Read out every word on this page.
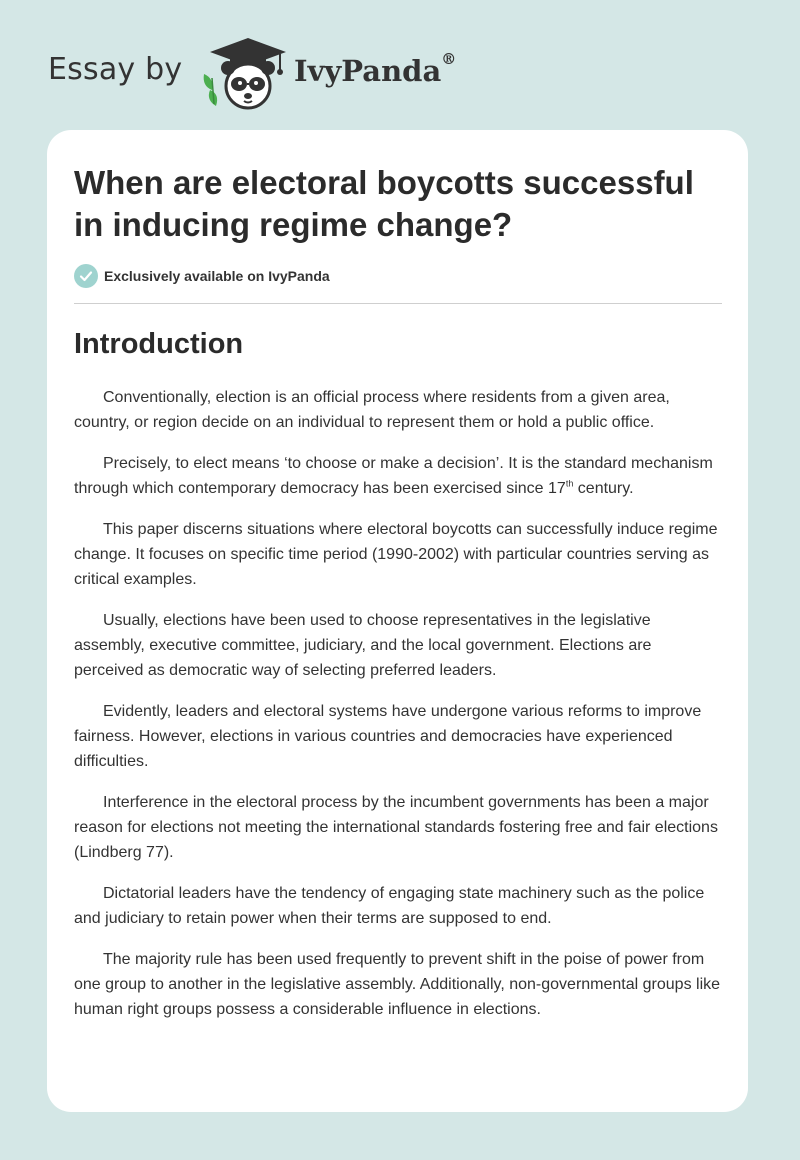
Essay by	IvyPanda®
When are electoral boycotts successful in inducing regime change?
Exclusively available on IvyPanda
Introduction

Conventionally, election is an official process where residents from a given area, country, or region decide on an individual to represent them or hold a public office.

Precisely, to elect means ‘to choose or make a decision’. It is the standard mechanism through which contemporary democracy has been exercised since 17th century.

This paper discerns situations where electoral boycotts can successfully induce regime change. It focuses on specific time period (1990-2002) with particular countries serving as critical examples.

Usually, elections have been used to choose representatives in the legislative assembly, executive committee, judiciary, and the local government. Elections are perceived as democratic way of selecting preferred leaders.

Evidently, leaders and electoral systems have undergone various reforms to improve fairness. However, elections in various countries and democracies have experienced difficulties.

Interference in the electoral process by the incumbent governments has been a major reason for elections not meeting the international standards fostering free and fair elections (Lindberg 77).

Dictatorial leaders have the tendency of engaging state machinery such as the police and judiciary to retain power when their terms are supposed to end.

The majority rule has been used frequently to prevent shift in the poise of power from one group to another in the legislative assembly. Additionally, non-governmental groups like human right groups possess a considerable influence in elections.
